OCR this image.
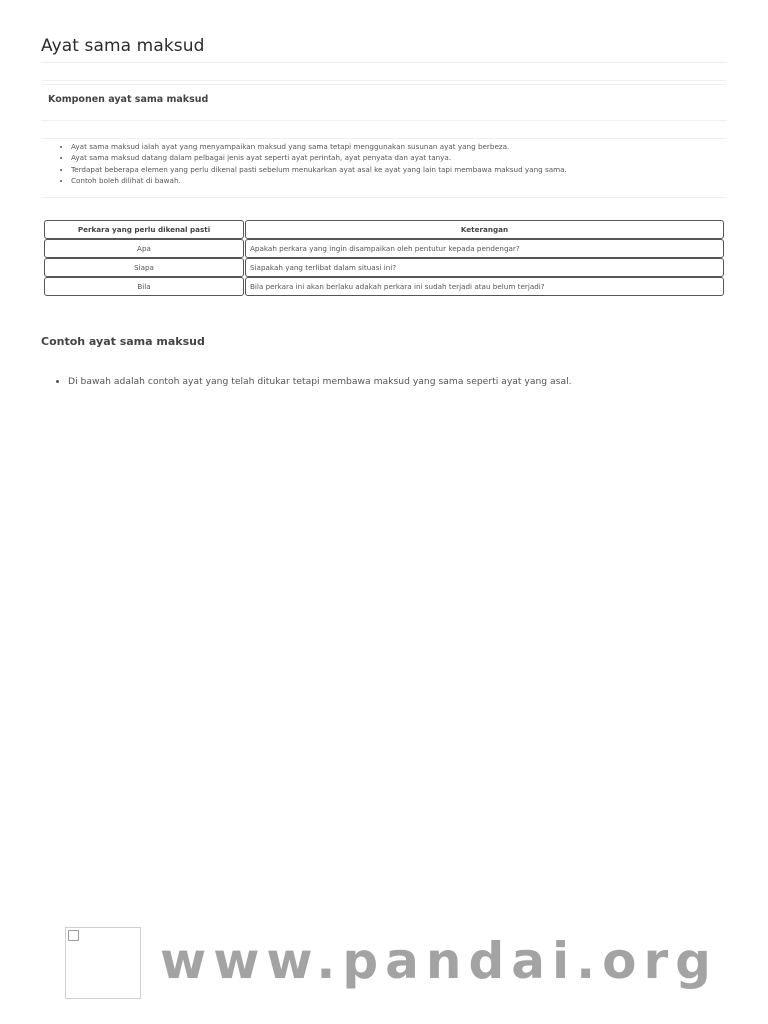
Ayat sama maksud
Komponen ayat sama maksud
• Ayat sama maksud ialah ayat yang menyampaikan maksud yang sama tetapi menggunakan susunan ayat yang berbeza.
• Ayat sama maksud datang dalam pelbagai jenis ayat seperti ayat perintah, ayat penyata dan ayat tanya.
• Terdapat beberapa elemen yang perlu dikenal pasti sebelum menukarkan ayat asal ke ayat yang lain tapi membawa maksud yang sama.
• Contoh boleh dilihat di bawah.
Perkara yang perlu dikenal pasti	Keterangan
Apa	Apakah perkara yang ingin disampaikan oleh pentutur kepada pendengar?
Siapa	Siapakah yang terlibat dalam situasi ini?
Bila	Bila perkara ini akan berlaku adakah perkara ini sudah terjadi atau belum terjadi?
Contoh ayat sama maksud
• Di bawah adalah contoh ayat yang telah ditukar tetapi membawa maksud yang sama seperti ayat yang asal.
www.pandai.org
